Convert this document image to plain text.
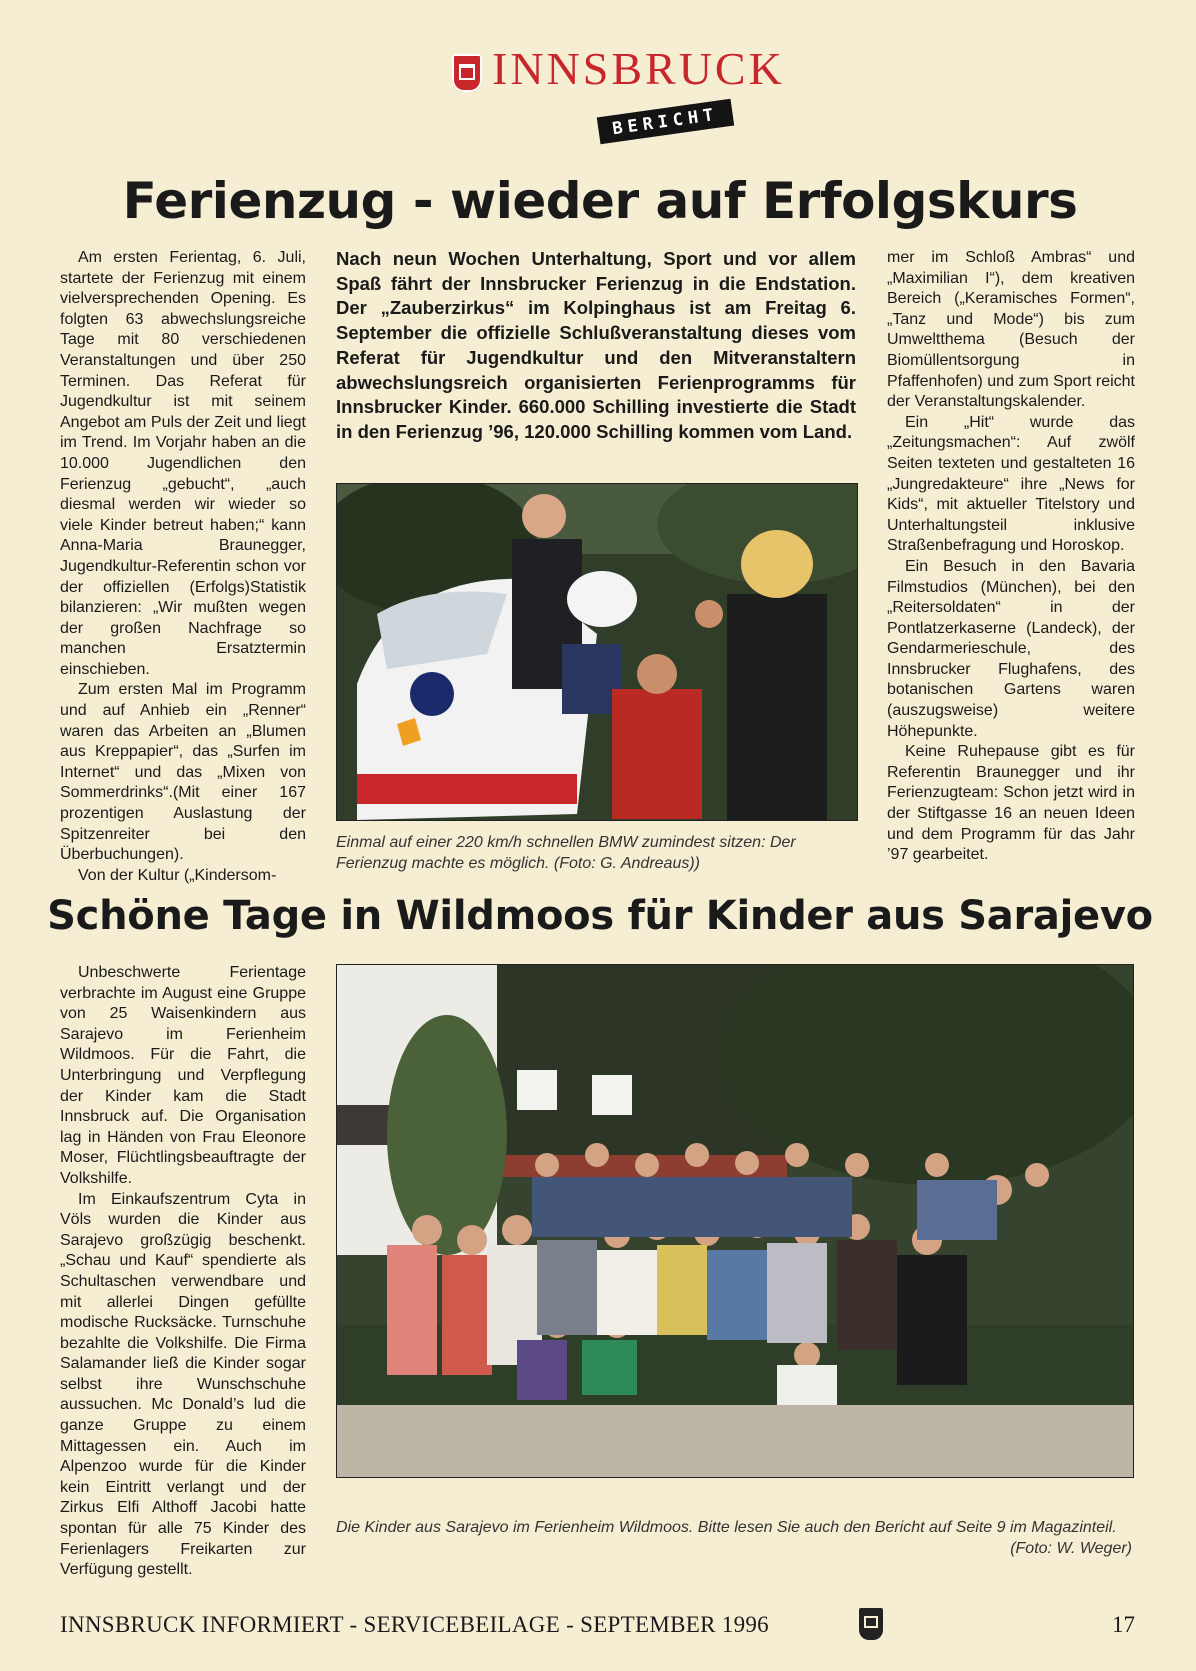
INNSBRUCK
BERICHT
Ferienzug - wieder auf Erfolgskurs

Am ersten Ferientag, 6. Juli, startete der Ferienzug mit einem vielversprechenden Opening. Es folgten 63 abwechslungsreiche Tage mit 80 verschiedenen Veranstaltungen und über 250 Terminen. Das Referat für Jugendkultur ist mit seinem Angebot am Puls der Zeit und liegt im Trend. Im Vorjahr haben an die 10.000 Jugendlichen den Ferienzug „gebucht“, „auch diesmal werden wir wieder so viele Kinder betreut haben;“ kann Anna-Maria Braunegger, Jugendkultur-Referentin schon vor der offiziellen (Erfolgs)Statistik bilanzieren: „Wir mußten wegen der großen Nachfrage so manchen Ersatztermin einschieben.

Zum ersten Mal im Programm und auf Anhieb ein „Renner“ waren das Arbeiten an „Blumen aus Kreppapier“, das „Surfen im Internet“ und das „Mixen von Sommerdrinks“.(Mit einer 167 prozentigen Auslastung der Spitzenreiter bei den Überbuchungen).

Von der Kultur („Kindersom-

Nach neun Wochen Unterhaltung, Sport und vor allem Spaß fährt der Innsbrucker Ferienzug in die Endstation. Der „Zauberzirkus“ im Kolpinghaus ist am Freitag 6. September die offizielle Schlußveranstaltung dieses vom Referat für Jugendkultur und den Mitveranstaltern abwechslungsreich organisierten Ferienprogramms für Innsbrucker Kinder. 660.000 Schilling investierte die Stadt in den Ferienzug ’96, 120.000 Schilling kommen vom Land.
Einmal auf einer 220 km/h schnellen BMW zumindest sitzen: Der Ferienzug machte es möglich. (Foto: G. Andreaus))

mer im Schloß Ambras“ und „Maximilian I“), dem kreativen Bereich („Keramisches Formen“, „Tanz und Mode“) bis zum Umweltthema (Besuch der Biomüllentsorgung in Pfaffenhofen) und zum Sport reicht der Veranstaltungskalender.

Ein „Hit“ wurde das „Zeitungsmachen“: Auf zwölf Seiten texteten und gestalteten 16 „Jungredakteure“ ihre „News for Kids“, mit aktueller Titelstory und Unterhaltungsteil inklusive Straßenbefragung und Horoskop.

Ein Besuch in den Bavaria Filmstudios (München), bei den „Reitersoldaten“ in der Pontlatzerkaserne (Landeck), der Gendarmerieschule, des Innsbrucker Flughafens, des botanischen Gartens waren (auszugsweise) weitere Höhepunkte.

Keine Ruhepause gibt es für Referentin Braunegger und ihr Ferienzugteam: Schon jetzt wird in der Stiftgasse 16 an neuen Ideen und dem Programm für das Jahr ’97 gearbeitet.

Schöne Tage in Wildmoos für Kinder aus Sarajevo

Unbeschwerte Ferientage verbrachte im August eine Gruppe von 25 Waisenkindern aus Sarajevo im Ferienheim Wildmoos. Für die Fahrt, die Unterbringung und Verpflegung der Kinder kam die Stadt Innsbruck auf. Die Organisation lag in Händen von Frau Eleonore Moser, Flüchtlingsbeauftragte der Volkshilfe.

Im Einkaufszentrum Cyta in Völs wurden die Kinder aus Sarajevo großzügig beschenkt. „Schau und Kauf“ spendierte als Schultaschen verwendbare und mit allerlei Dingen gefüllte modische Rucksäcke. Turnschuhe bezahlte die Volkshilfe. Die Firma Salamander ließ die Kinder sogar selbst ihre Wunschschuhe aussuchen. Mc Donald’s lud die ganze Gruppe zu einem Mittagessen ein. Auch im Alpenzoo wurde für die Kinder kein Eintritt verlangt und der Zirkus Elfi Althoff Jacobi hatte spontan für alle 75 Kinder des Ferienlagers Freikarten zur Verfügung gestellt.

Die Kinder aus Sarajevo im Ferienheim Wildmoos. Bitte lesen Sie auch den Bericht auf Seite 9 im Magazinteil.
(Foto: W. Weger)
INNSBRUCK INFORMIERT - SERVICEBEILAGE - SEPTEMBER 1996	17
